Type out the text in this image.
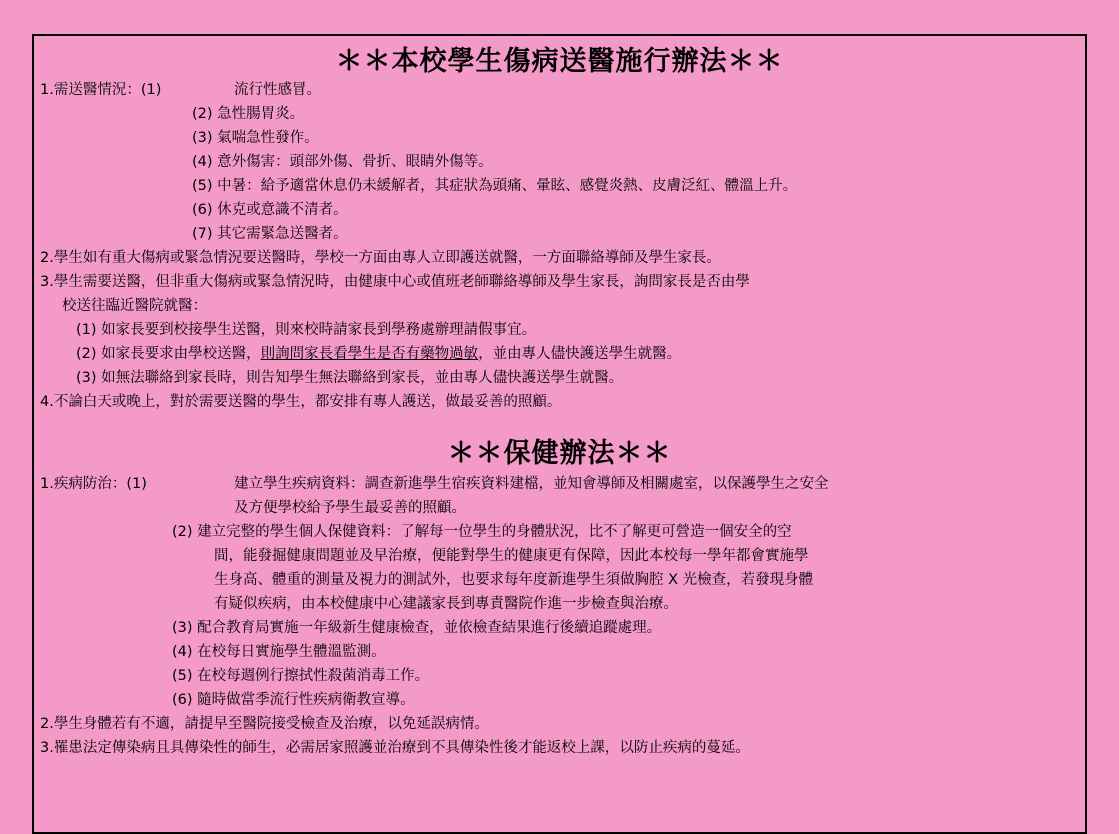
＊＊本校學生傷病送醫施行辦法＊＊
1.需送醫情況：(1)	流行性感冒。
(2) 急性腸胃炎。
(3) 氣喘急性發作。
(4) 意外傷害：頭部外傷、骨折、眼睛外傷等。
(5) 中暑：給予適當休息仍未緩解者，其症狀為頭痛、暈眩、感覺炎熱、皮膚泛紅、體溫上升。
(6) 休克或意識不清者。
(7) 其它需緊急送醫者。
2.學生如有重大傷病或緊急情況要送醫時，學校一方面由專人立即護送就醫，一方面聯絡導師及學生家長。
3.學生需要送醫，但非重大傷病或緊急情況時，由健康中心或值班老師聯絡導師及學生家長，詢問家長是否由學
校送往臨近醫院就醫：
(1) 如家長要到校接學生送醫，則來校時請家長到學務處辦理請假事宜。
(2) 如家長要求由學校送醫，則詢問家長看學生是否有藥物過敏，並由專人儘快護送學生就醫。
(3) 如無法聯絡到家長時，則告知學生無法聯絡到家長，並由專人儘快護送學生就醫。
4.不論白天或晚上，對於需要送醫的學生，都安排有專人護送，做最妥善的照顧。
＊＊保健辦法＊＊
1.疾病防治：(1)	建立學生疾病資料：調查新進學生宿疾資料建檔，並知會導師及相關處室，以保護學生之安全
及方便學校給予學生最妥善的照顧。
(2) 建立完整的學生個人保健資料：了解每一位學生的身體狀況，比不了解更可營造一個安全的空
間，能發掘健康問題並及早治療，便能對學生的健康更有保障，因此本校每一學年都會實施學
生身高、體重的測量及視力的測試外，也要求每年度新進學生須做胸腔 X 光檢查，若發現身體
有疑似疾病，由本校健康中心建議家長到專責醫院作進一步檢查與治療。
(3) 配合教育局實施一年級新生健康檢查，並依檢查結果進行後續追蹤處理。
(4) 在校每日實施學生體溫監測。
(5) 在校每週例行擦拭性殺菌消毒工作。
(6) 隨時做當季流行性疾病衛教宣導。
2.學生身體若有不適，請提早至醫院接受檢查及治療，以免延誤病情。
3.罹患法定傳染病且具傳染性的師生，必需居家照護並治療到不具傳染性後才能返校上課，以防止疾病的蔓延。
